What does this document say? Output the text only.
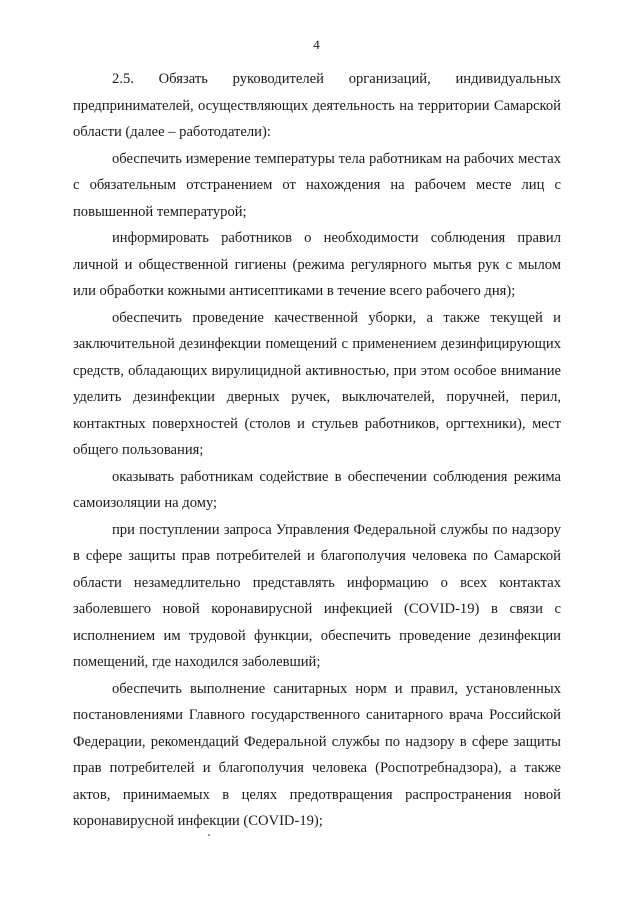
4

2.5. Обязать руководителей организаций, индивидуальных предпринимателей, осуществляющих деятельность на территории Самарской области (далее – работодатели):

обеспечить измерение температуры тела работникам на рабочих местах с обязательным отстранением от нахождения на рабочем месте лиц с повышенной температурой;

информировать работников о необходимости соблюдения правил личной и общественной гигиены (режима регулярного мытья рук с мылом или обработки кожными антисептиками в течение всего рабочего дня);

обеспечить проведение качественной уборки, а также текущей и заключительной дезинфекции помещений с применением дезинфицирующих средств, обладающих вирулицидной активностью, при этом особое внимание уделить дезинфекции дверных ручек, выключателей, поручней, перил, контактных поверхностей (столов и стульев работников, оргтехники), мест общего пользования;

оказывать работникам содействие в обеспечении соблюдения режима самоизоляции на дому;

при поступлении запроса Управления Федеральной службы по надзору в сфере защиты прав потребителей и благополучия человека по Самарской области незамедлительно представлять информацию о всех контактах заболевшего новой коронавирусной инфекцией (COVID-19) в связи с исполнением им трудовой функции, обеспечить проведение дезинфекции помещений, где находился заболевший;

обеспечить выполнение санитарных норм и правил, установленных постановлениями Главного государственного санитарного врача Российской Федерации, рекомендаций Федеральной службы по надзору в сфере защиты прав потребителей и благополучия человека (Роспотребнадзора), а также актов, принимаемых в целях предотвращения распространения новой коронавирусной инфекции (COVID-19);
